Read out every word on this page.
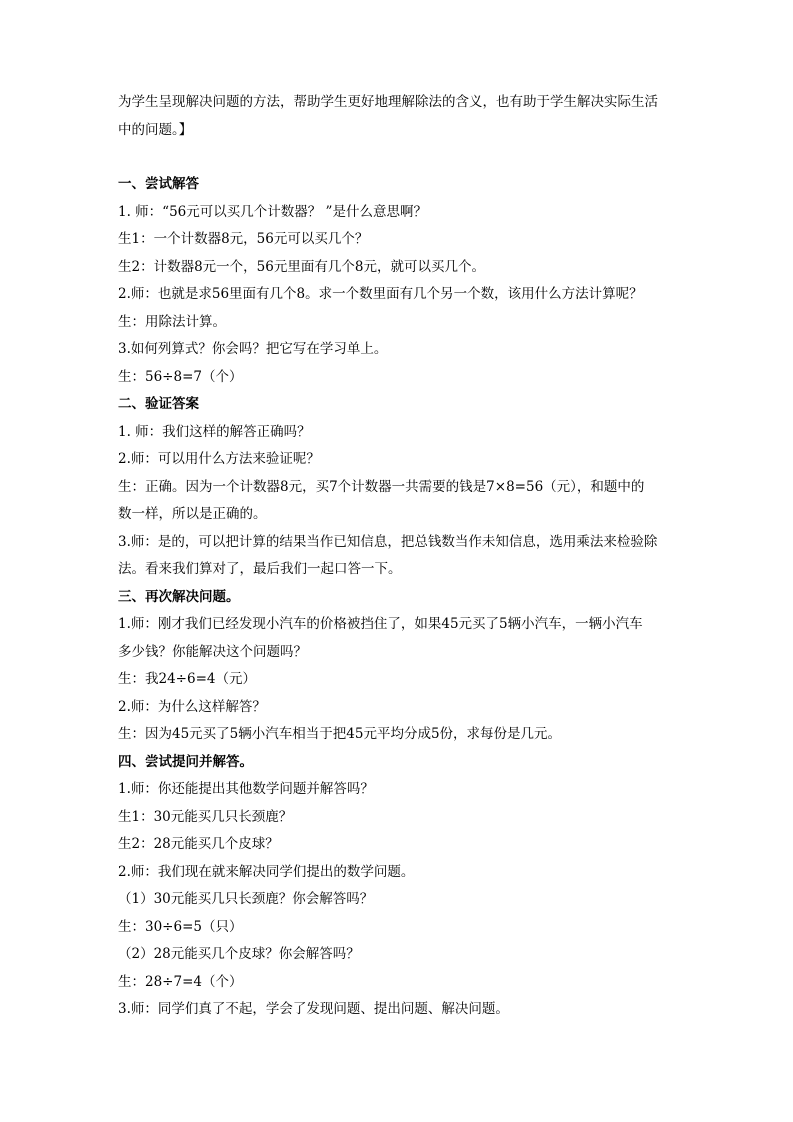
为学生呈现解决问题的方法，帮助学生更好地理解除法的含义，也有助于学生解决实际生活
中的问题。】
一、尝试解答
1. 师：“56元可以买几个计数器？ ”是什么意思啊？
生1：一个计数器8元，56元可以买几个？
生2：计数器8元一个，56元里面有几个8元，就可以买几个。
2.师：也就是求56里面有几个8。求一个数里面有几个另一个数，该用什么方法计算呢？
生：用除法计算。
3.如何列算式？你会吗？把它写在学习单上。
生：56÷8=7（个）
二、验证答案
1. 师：我们这样的解答正确吗？
2.师：可以用什么方法来验证呢？
生：正确。因为一个计数器8元，买7个计数器一共需要的钱是7×8=56（元），和题中的
数一样，所以是正确的。
3.师：是的，可以把计算的结果当作已知信息，把总钱数当作未知信息，选用乘法来检验除
法。看来我们算对了，最后我们一起口答一下。
三、再次解决问题。
1.师：刚才我们已经发现小汽车的价格被挡住了，如果45元买了5辆小汽车，一辆小汽车
多少钱？你能解决这个问题吗？
生：我24÷6=4（元）
2.师：为什么这样解答？
生：因为45元买了5辆小汽车相当于把45元平均分成5份，求每份是几元。
四、尝试提问并解答。
1.师：你还能提出其他数学问题并解答吗？
生1：30元能买几只长颈鹿？
生2：28元能买几个皮球？
2.师：我们现在就来解决同学们提出的数学问题。
（1）30元能买几只长颈鹿？你会解答吗？
生：30÷6=5（只）
（2）28元能买几个皮球？你会解答吗？
生：28÷7=4（个）
3.师：同学们真了不起，学会了发现问题、提出问题、解决问题。
